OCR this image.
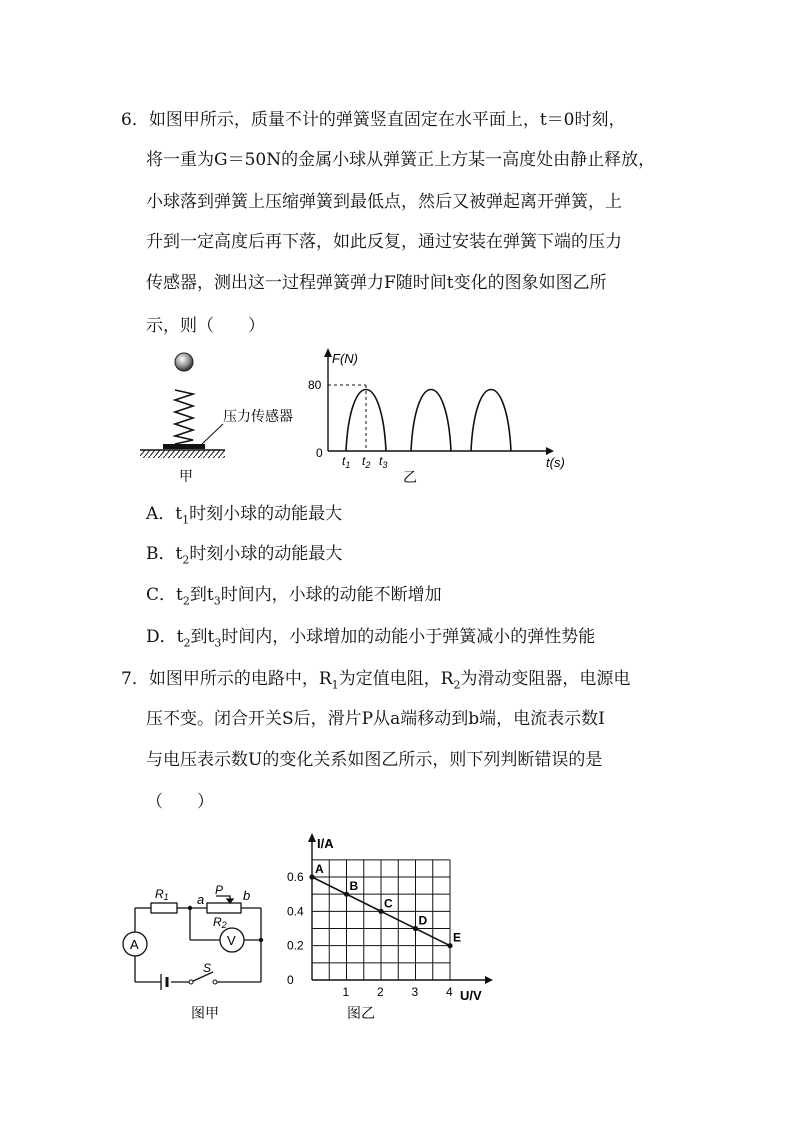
6．如图甲所示，质量不计的弹簧竖直固定在水平面上，t＝0时刻，
将一重为G＝50N的金属小球从弹簧正上方某一高度处由静止释放，
小球落到弹簧上压缩弹簧到最低点，然后又被弹起离开弹簧，上
升到一定高度后再下落，如此反复，通过安装在弹簧下端的压力
传感器，测出这一过程弹簧弹力F随时间t变化的图象如图乙所
示，则（　　）
压力传感器
甲
F(N)
80
0
t(s)
$t_1$ $t_2$ $t_3$
乙
A．$t_1$时刻小球的动能最大
B．$t_2$时刻小球的动能最大
C．$t_2$到$t_3$时间内，小球的动能不断增加
D．$t_2$到$t_3$时间内，小球增加的动能小于弹簧减小的弹性势能
7．如图甲所示的电路中，$R_1$为定值电阻，$R_2$为滑动变阻器，电源电
压不变。闭合开关S后，滑片P从a端移动到b端，电流表示数I
与电压表示数U的变化关系如图乙所示，则下列判断错误的是
（　　）
A	V
R1
R2
P
a	b
S
图甲
A
B
C
D
E
I/A
U/V
0.6
0.4
0.2
0
1 2 3 4
图乙
